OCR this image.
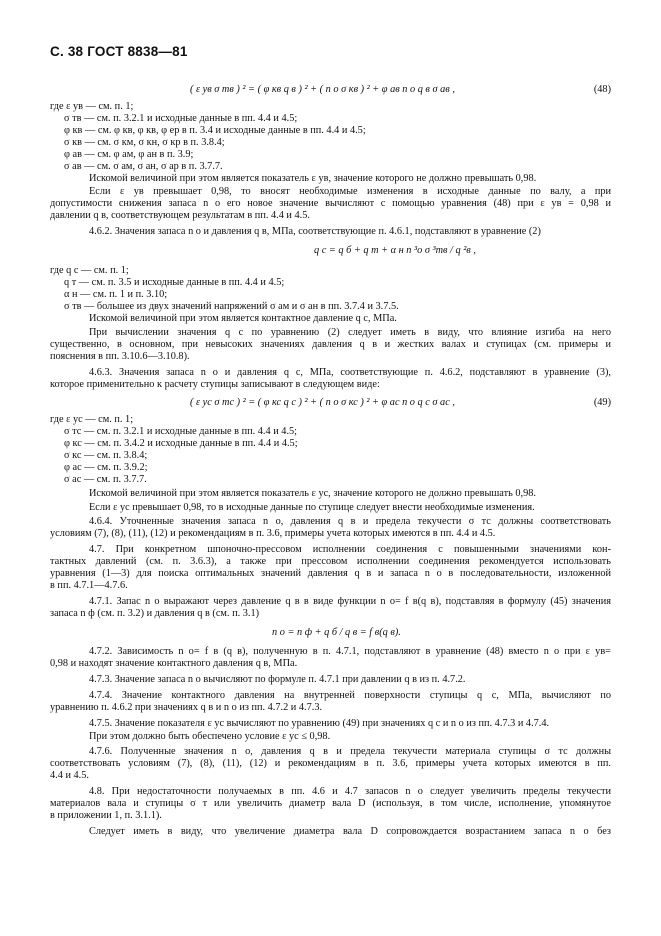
С. 38 ГОСТ 8838—81
( ε ув σ тв ) ² = ( φ кв q в ) ² + ( n о σ кв ) ² + φ ав n о q в σ ав ,	(48)
где ε ув — см. п. 1;
σ тв — см. п. 3.2.1 и исходные данные в пп. 4.4 и 4.5;
φ кв — см. φ кв, φ кв, φ ер в п. 3.4 и исходные данные в пп. 4.4 и 4.5;
σ кв — см. σ км, σ кн, σ кр в п. 3.8.4;
φ ав — см. φ ам, φ ан в п. 3.9;
σ ав — см. σ ам, σ ан, σ ар в п. 3.7.7.
Искомой величиной при этом является показатель ε ув, значение которого не должно превышать 0,98.
Если ε ув превышает 0,98, то вносят необходимые изменения в исходные данные по валу, а при
допустимости снижения запаса n о его новое значение вычисляют с помощью уравнения (48) при ε ув = 0,98 и
давлении q в, соответствующем результатам в пп. 4.4 и 4.5.
4.6.2. Значения запаса n о и давления q в, МПа, соответствующие п. 4.6.1, подставляют в уравнение (2)
q с = q б + q т + α н n ³о σ ³тв / q ²в ,
где q с — см. п. 1;
q т — см. п. 3.5 и исходные данные в пп. 4.4 и 4.5;
α н — см. п. 1 и п. 3.10;
σ тв — большее из двух значений напряжений σ ам и σ ан в пп. 3.7.4 и 3.7.5.
Искомой величиной при этом является контактное давление q с, МПа.
При вычислении значения q с по уравнению (2) следует иметь в виду, что влияние изгиба на него
существенно, в основном, при невысоких значениях давления q в и жестких валах и ступицах (см. примеры и
пояснения в пп. 3.10.6—3.10.8).
4.6.3. Значения запаса n о и давления q с, МПа, соответствующие п. 4.6.2, подставляют в уравнение (3),
которое применительно к расчету ступицы записывают в следующем виде:
( ε ус σ тс ) ² = ( φ кс q с ) ² + ( n о σ кс ) ² + φ ас n о q с σ ас ,	(49)
где ε ус — см. п. 1;
σ тс — см. п. 3.2.1 и исходные данные в пп. 4.4 и 4.5;
φ кс — см. п. 3.4.2 и исходные данные в пп. 4.4 и 4.5;
σ кс — см. п. 3.8.4;
φ ас — см. п. 3.9.2;
σ ас — см. п. 3.7.7.
Искомой величиной при этом является показатель ε ус, значение которого не должно превышать 0,98.
Если ε ус превышает 0,98, то в исходные данные по ступице следует внести необходимые изменения.
4.6.4. Уточненные значения запаса n о, давления q в и предела текучести σ тс должны соответствовать
условиям (7), (8), (11), (12) и рекомендациям в п. 3.6, примеры учета которых имеются в пп. 4.4 и 4.5.
4.7. При конкретном шпоночно-прессовом исполнении соединения с повышенными значениями кон-
тактных давлений (см. п. 3.6.3), а также при прессовом исполнении соединения рекомендуется использовать
уравнения (1—3) для поиска оптимальных значений давления q в и запаса n о в последовательности, изложенной
в пп. 4.7.1—4.7.6.
4.7.1. Запас n о выражают через давление q в в виде функции n о= f в(q в), подставляя в формулу (45) значения
запаса n ф (см. п. 3.2) и давления q в (см. п. 3.1)
n о = n ф + q б / q в = f в(q в).
4.7.2. Зависимость n о= f в (q в), полученную в п. 4.7.1, подставляют в уравнение (48) вместо n о при ε ув=
0,98 и находят значение контактного давления q в, МПа.
4.7.3. Значение запаса n о вычисляют по формуле п. 4.7.1 при давлении q в из п. 4.7.2.
4.7.4. Значение контактного давления на внутренней поверхности ступицы q с, МПа, вычисляют по
уравнению п. 4.6.2 при значениях q в и n о из пп. 4.7.2 и 4.7.3.
4.7.5. Значение показателя ε ус вычисляют по уравнению (49) при значениях q с и n о из пп. 4.7.3 и 4.7.4.
При этом должно быть обеспечено условие ε ус ≤ 0,98.
4.7.6. Полученные значения n о, давления q в и предела текучести материала ступицы σ тс должны
соответствовать условиям (7), (8), (11), (12) и рекомендациям в п. 3.6, примеры учета которых имеются в пп.
4.4 и 4.5.
4.8. При недостаточности получаемых в пп. 4.6 и 4.7 запасов n о следует увеличить пределы текучести
материалов вала и ступицы σ т или увеличить диаметр вала D (используя, в том числе, исполнение, упомянутое
в приложении 1, п. 3.1.1).
Следует иметь в виду, что увеличение диаметра вала D сопровождается возрастанием запаса n о без
